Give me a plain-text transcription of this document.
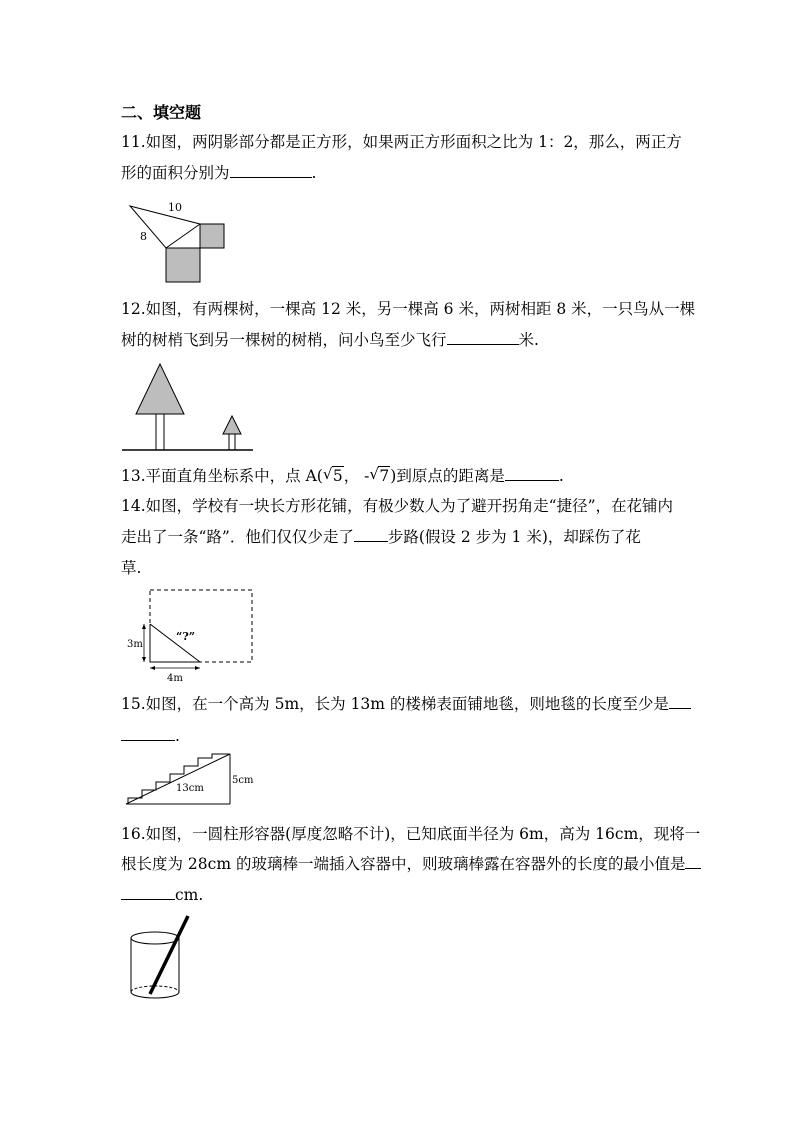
二、填空题
11.如图，两阴影部分都是正方形，如果两正方形面积之比为 1：2，那么，两正方
形的面积分别为	.
10
8
12.如图，有两棵树，一棵高 12 米，另一棵高 6 米，两树相距 8 米，一只鸟从一棵
树的树梢飞到另一棵树的树梢，问小鸟至少飞行	米.
13.平面直角坐标系中，点 A( √ 5， - √ 7)到原点的距离是	.
14.如图，学校有一块长方形花铺，有极少数人为了避开拐角走“捷径”，在花铺内
走出了一条“路”．他们仅仅少走了 步路(假设 2 步为 1 米)，却踩伤了花
草.
3m
4m
“?”
15.如图，在一个高为 5m，长为 13m 的楼梯表面铺地毯，则地毯的长度至少是
.
13cm
5cm
16.如图，一圆柱形容器(厚度忽略不计)，已知底面半径为 6m，高为 16cm，现将一
根长度为 28cm 的玻璃棒一端插入容器中，则玻璃棒露在容器外的长度的最小值是
cm.
